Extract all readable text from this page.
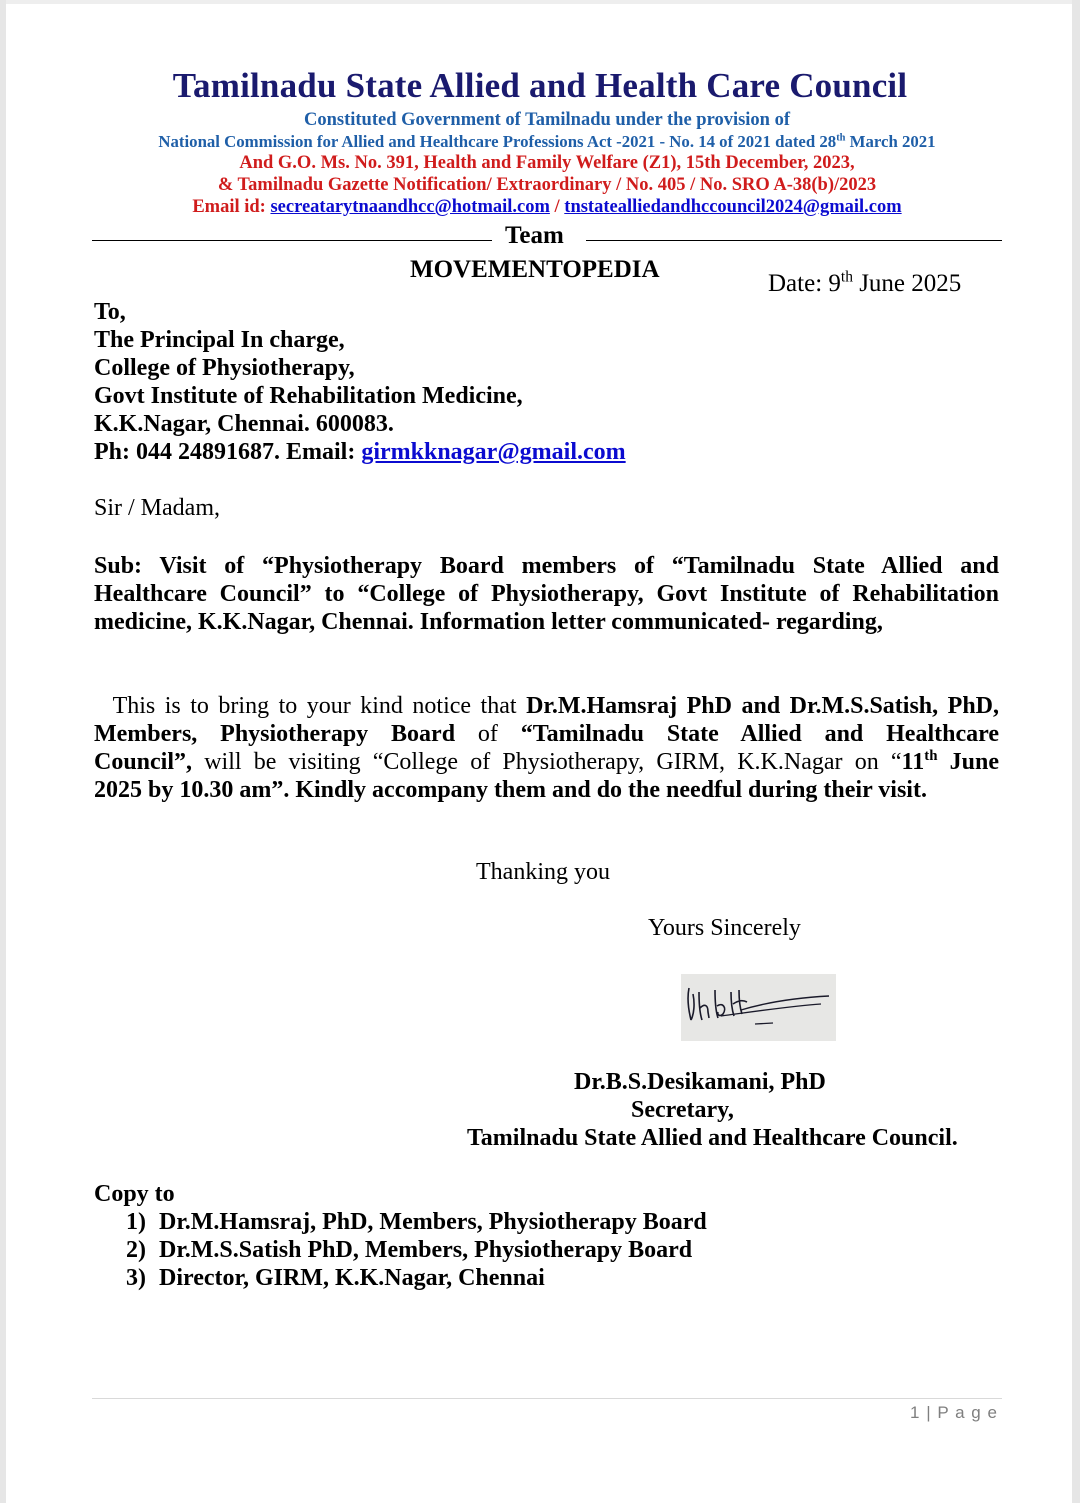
Tamilnadu State Allied and Health Care Council
Constituted Government of Tamilnadu under the provision of
National Commission for Allied and Healthcare Professions Act -2021 - No. 14 of 2021 dated 28th March 2021
And G.O. Ms. No. 391, Health and Family Welfare (Z1), 15th December, 2023,
& Tamilnadu Gazette Notification/ Extraordinary / No. 405 / No. SRO A-38(b)/2023
Email id: secreatarytnaandhcc@hotmail.com / tnstatealliedandhccouncil2024@gmail.com
Team
MOVEMENTOPEDIA
Date: 9th June 2025
To,
The Principal In charge,
College of Physiotherapy,
Govt Institute of Rehabilitation Medicine,
K.K.Nagar, Chennai. 600083.
Ph: 044 24891687. Email: girmkknagar@gmail.com
Sir / Madam,
Sub: Visit of “Physiotherapy Board members of “Tamilnadu State Allied and
Healthcare Council” to “College of Physiotherapy, Govt Institute of Rehabilitation
medicine, K.K.Nagar, Chennai. Information letter communicated- regarding,
This is to bring to your kind notice that Dr.M.Hamsraj PhD and Dr.M.S.Satish, PhD,
Members, Physiotherapy Board of “Tamilnadu State Allied and Healthcare
Council”, will be visiting “College of Physiotherapy, GIRM, K.K.Nagar on “11th June
2025 by 10.30 am”. Kindly accompany them and do the needful during their visit.
Thanking you
Yours Sincerely
Dr.B.S.Desikamani, PhD
Secretary,
Tamilnadu State Allied and Healthcare Council.
Copy to
1) Dr.M.Hamsraj, PhD, Members, Physiotherapy Board
2) Dr.M.S.Satish PhD, Members, Physiotherapy Board
3) Director, GIRM, K.K.Nagar, Chennai
1 | P a g e
